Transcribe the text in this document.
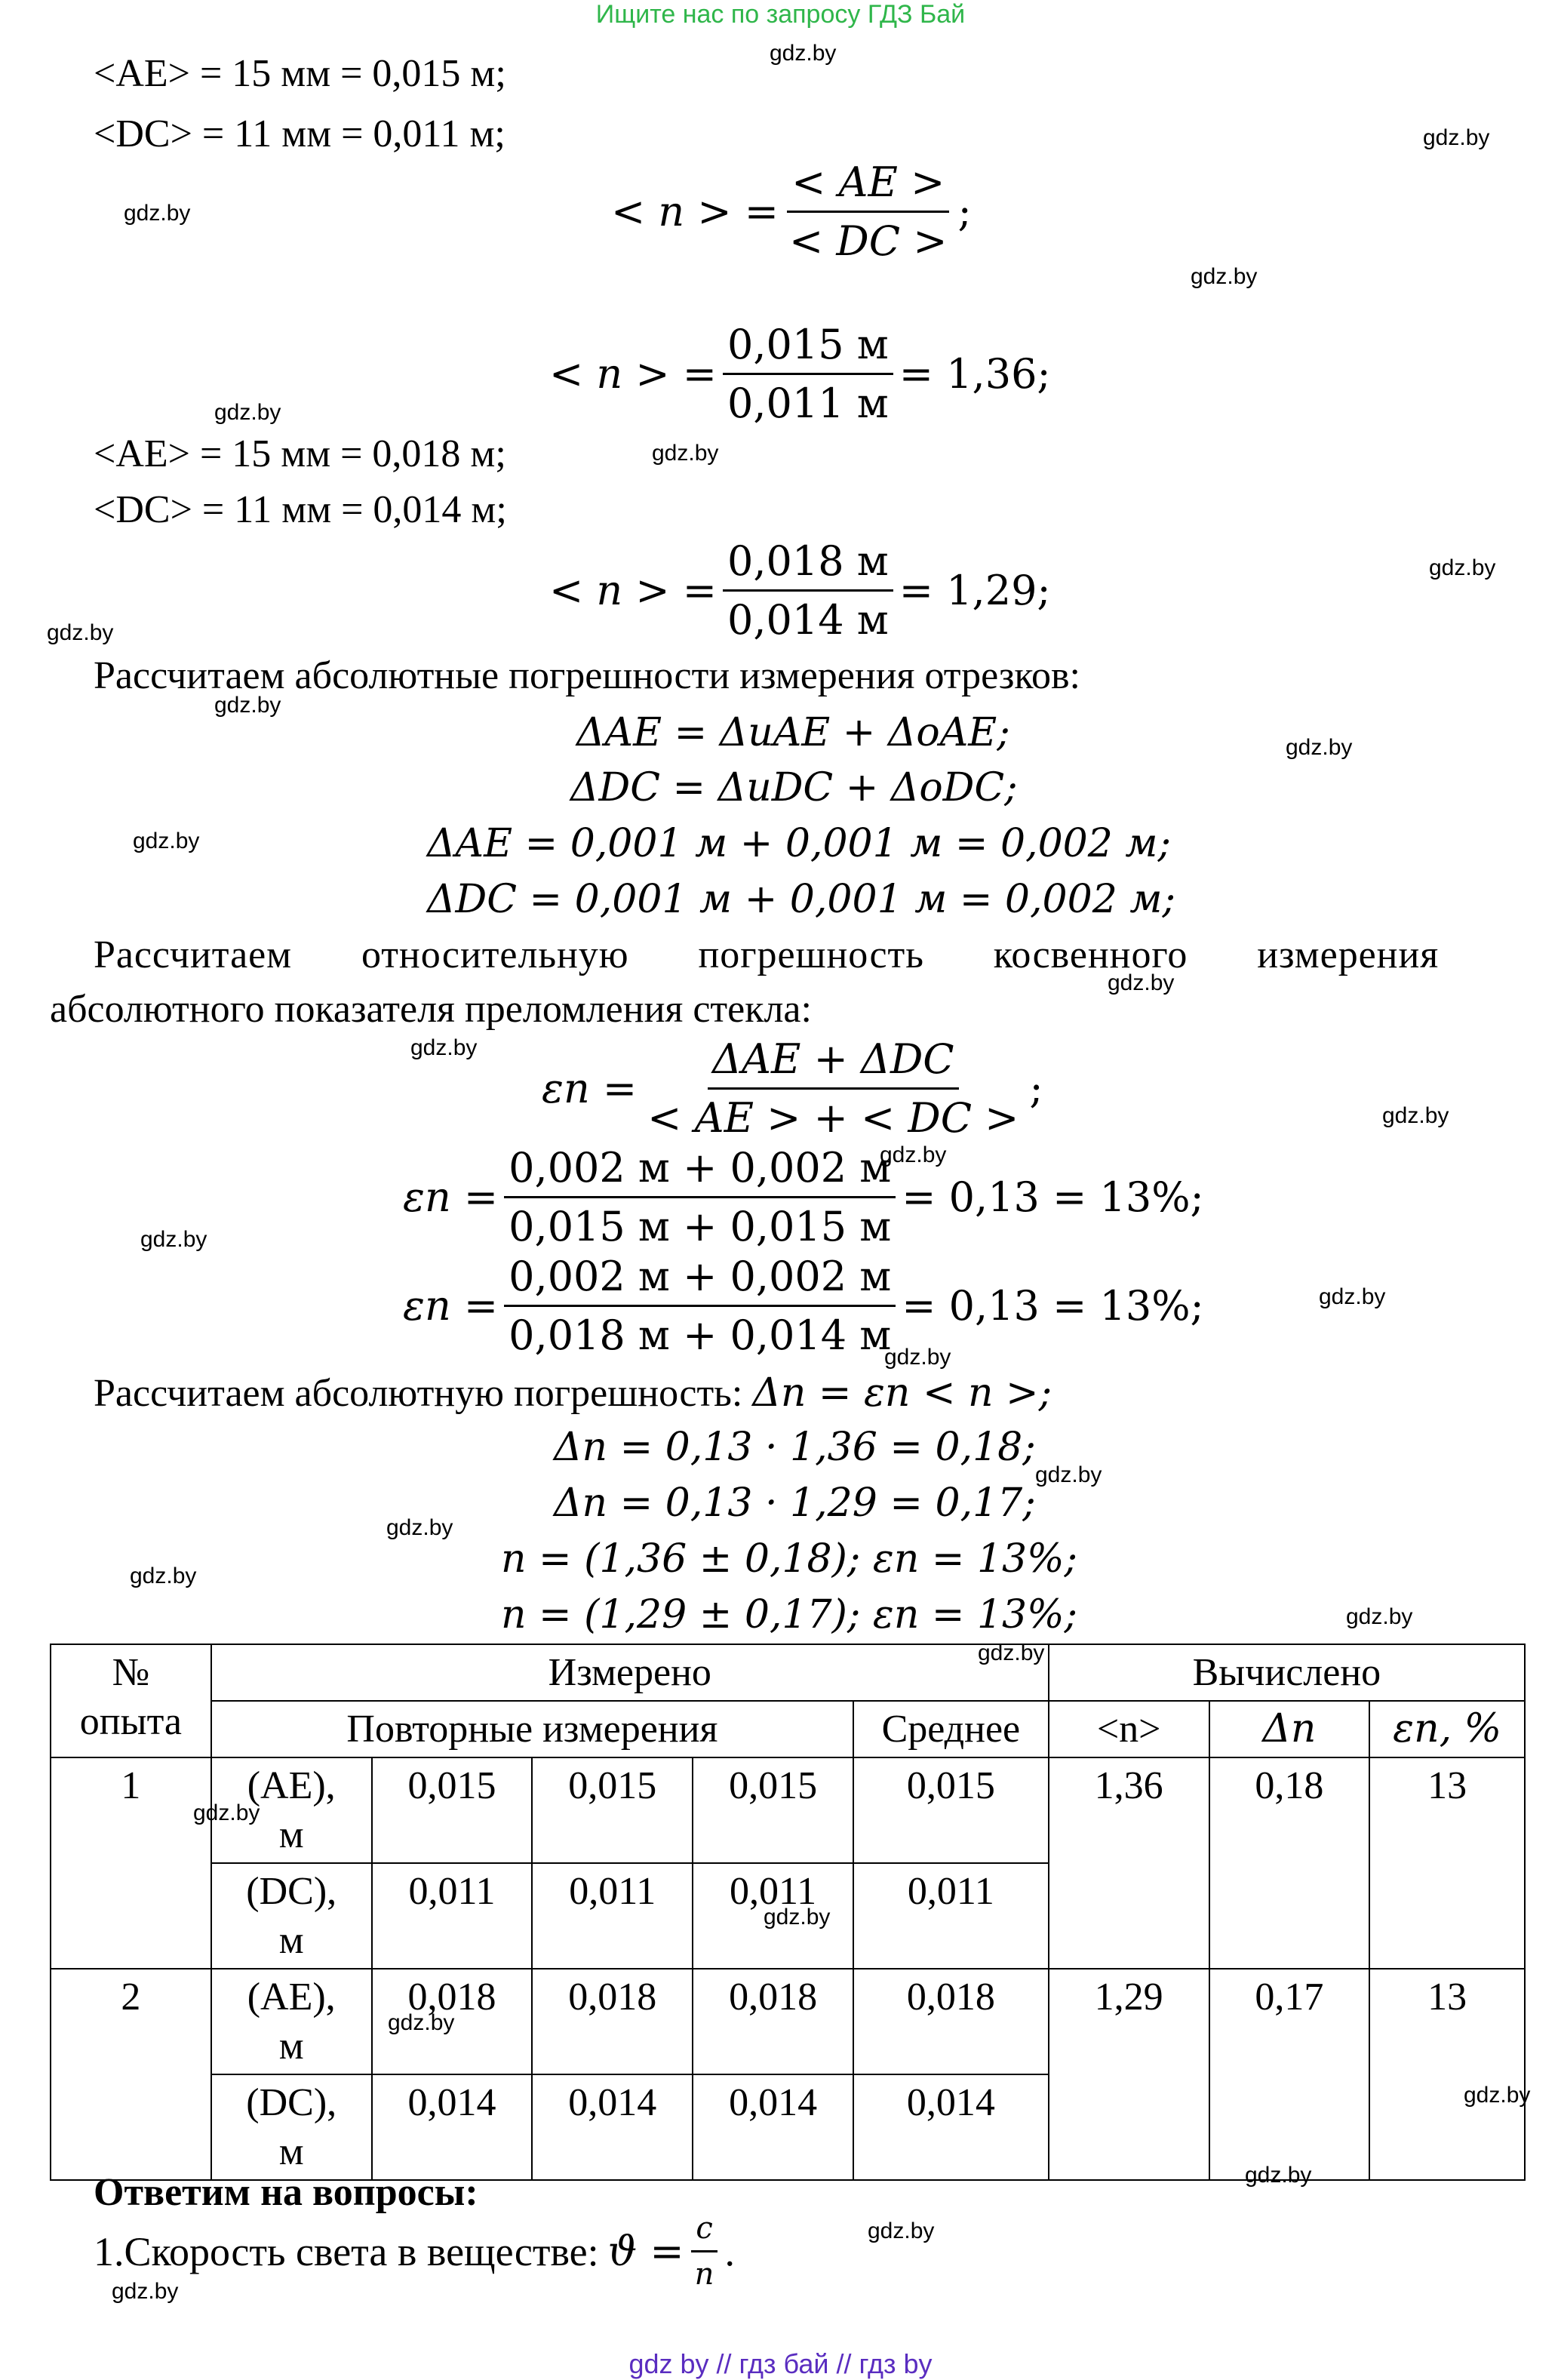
Ищите нас по запросу ГДЗ Бай
<AE> = 15 мм = 0,015 м;
<DC> = 11 мм = 0,011 м;
< n > = $\frac{< AE >}{< DC >}$ ;
< n > = $\frac{0,015 м}{0,011 м} = 1,36$;
<AE> = 15 мм = 0,018 м;
<DC> = 11 мм = 0,014 м;
< n > = $\frac{0,018 м}{0,014 м} = 1,29$;
Рассчитаем абсолютные погрешности измерения отрезков:
ΔAE = ΔиAE + ΔоAE;
ΔDC = ΔиDC + ΔоDC;
ΔAE = 0,001 м + 0,001 м = 0,002 м;
ΔDC = 0,001 м + 0,001 м = 0,002 м;
Рассчитаем относительную погрешность косвенного измерения
абсолютного показателя преломления стекла:
$\varepsilon n = \frac{\text{ΔAE + ΔDC}}{< AE > + < DC >}$ ;
$\varepsilon n = \frac{0,002 м + 0,002 м}{0,015 м + 0,015 м} = 0,13 = 13\%$;
$\varepsilon n = \frac{0,002 м + 0,002 м}{0,018 м + 0,014 м} = 0,13 = 13\%$;
Рассчитаем абсолютную погрешность: Δn = εn < n >;
Δn = 0,13 · 1,36 = 0,18;
Δn = 0,13 · 1,29 = 0,17;
n = (1,36 ± 0,18); εn = 13%;
n = (1,29 ± 0,17); εn = 13%;
№
опыта	Измерено					Вычислено		
	Повторные измерения				Среднее	<n>	Δn	εn, %
1	(AE),
м	0,015	0,015	0,015	0,015	1,36	0,18	13
	(DC),
м	0,011	0,011	0,011	0,011			
2	(AE),
м	0,018	0,018	0,018	0,018	1,29	0,17	13
	(DC),
м	0,014	0,014	0,014	0,014			
Ответим на вопросы:
1.Скорость света в веществе: $ϑ = \frac{c}{n}$ .
gdz.by
gdz.by
gdz.by
gdz.by
gdz.by
gdz.by
gdz.by
gdz.by
gdz.by
gdz.by
gdz.by
gdz.by
gdz.by
gdz.by
gdz.by
gdz.by
gdz.by
gdz.by
gdz.by
gdz.by
gdz.by
gdz.by
gdz.by
gdz.by
gdz.by
gdz.by
gdz.by
gdz.by
gdz.by
gdz.by
gdz by // гдз бай // гдз by
